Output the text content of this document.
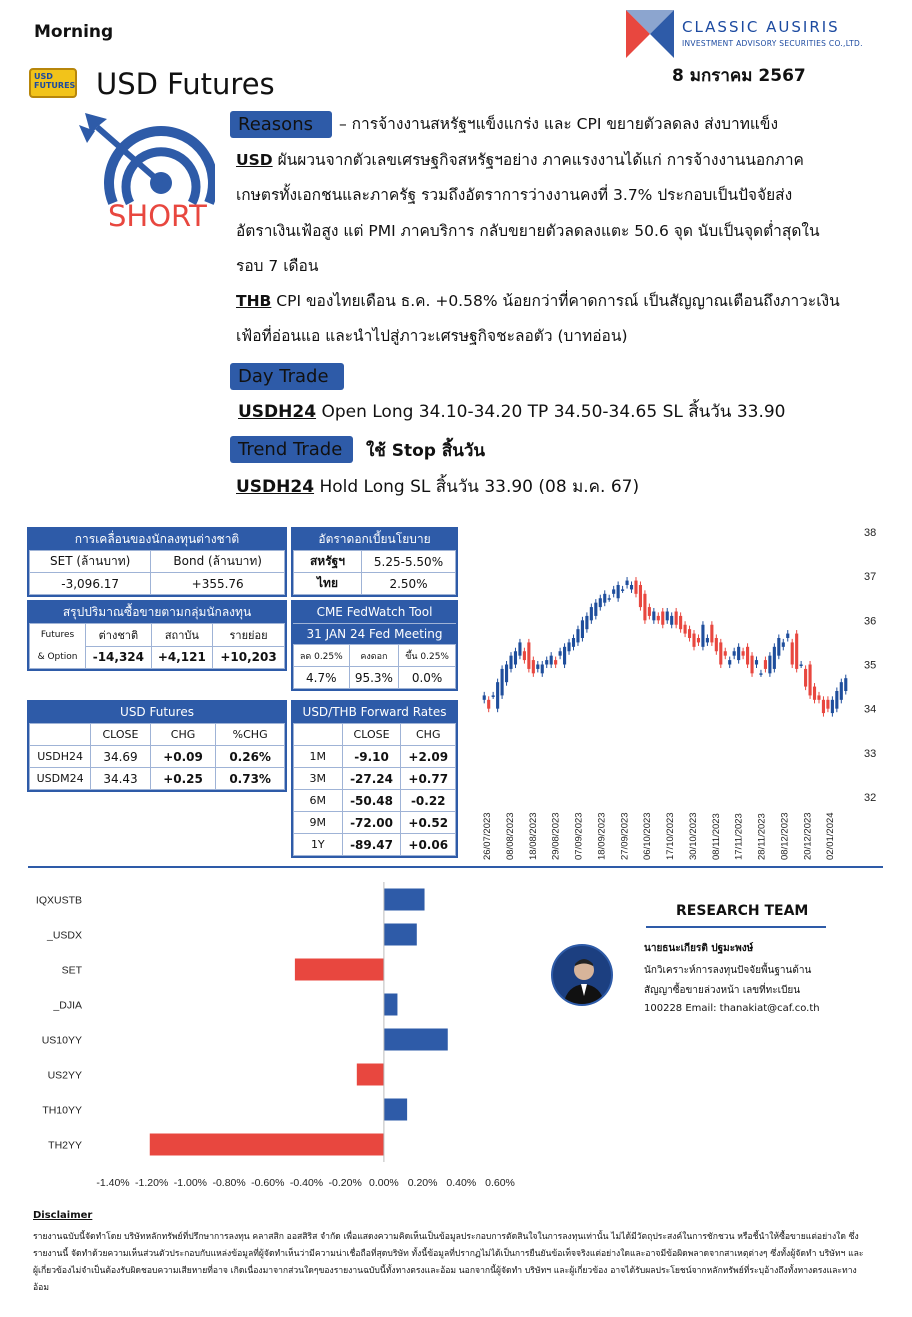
Morning	CLASSIC AUSIRIS
INVESTMENT ADVISORY SECURITIES CO.,LTD.
8 มกราคม 2567
USD FUTURES USD Futures
SHORT
Reasons	– การจ้างงานสหรัฐฯแข็งแกร่ง และ CPI ขยายตัวลดลง ส่งบาทแข็ง
USD ผันผวนจากตัวเลขเศรษฐกิจสหรัฐฯอย่าง ภาคแรงงานได้แก่ การจ้างงานนอกภาค
เกษตรทั้งเอกชนและภาครัฐ รวมถึงอัตราการว่างงานคงที่ 3.7% ประกอบเป็นปัจจัยส่ง
อัตราเงินเฟ้อสูง แต่ PMI ภาคบริการ กลับขยายตัวลดลงแตะ 50.6 จุด นับเป็นจุดต่ำสุดใน
รอบ 7 เดือน
THB CPI ของไทยเดือน ธ.ค. +0.58% น้อยกว่าที่คาดการณ์ เป็นสัญญาณเตือนถึงภาวะเงิน
เฟ้อที่อ่อนแอ และนำไปสู่ภาวะเศรษฐกิจชะลอตัว (บาทอ่อน)
Day Trade
USDH24 Open Long 34.10-34.20 TP 34.50-34.65 SL สิ้นวัน 33.90
Trend Trade	ใช้ Stop สิ้นวัน
USDH24 Hold Long SL สิ้นวัน 33.90 (08 ม.ค. 67)
การเคลื่อนของนักลงทุนต่างชาติ
SET (ล้านบาท)	Bond (ล้านบาท)
-3,096.17	+355.76
อัตราดอกเบี้ยนโยบาย
สหรัฐฯ	5.25-5.50%
ไทย	2.50%
สรุปปริมาณซื้อขายตามกลุ่มนักลงทุน
Futures
& Option	ต่างชาติ	สถาบัน	รายย่อย
	-14,324	+4,121	+10,203
CME FedWatch Tool
31 JAN 24 Fed Meeting
ลด 0.25%	คงดอก	ขึ้น 0.25%
4.7%	95.3%	0.0%
USD Futures
	CLOSE	CHG	%CHG
USDH24	34.69	+0.09	0.26%
USDM24	34.43	+0.25	0.73%
USD/THB Forward Rates
	CLOSE	CHG
1M	-9.10	+2.09
3M	-27.24	+0.77
6M	-50.48	-0.22
9M	-72.00	+0.52
1Y	-89.47	+0.06
38
37
36
35
34
33
32
26/07/2023 08/08/2023 18/08/2023 29/08/2023 07/09/2023 18/09/2023 27/09/2023 06/10/2023 17/10/2023 30/10/2023 08/11/2023 17/11/2023 28/11/2023 08/12/2023 20/12/2023 02/01/2024
IQXUSTB
_USDX
SET
_DJIA
US10YY
US2YY
TH10YY
TH2YY
-1.40% -1.20% -1.00% -0.80% -0.60% -0.40% -0.20% 0.00% 0.20% 0.40% 0.60%
RESEARCH TEAM
นายธนะเกียรติ ปฐมะพงษ์
นักวิเคราะห์การลงทุนปัจจัยพื้นฐานด้าน
สัญญาซื้อขายล่วงหน้า เลขที่ทะเบียน
100228 Email: thanakiat@caf.co.th
Disclaimer
รายงานฉบับนี้จัดทำโดย บริษัทหลักทรัพย์ที่ปรึกษาการลงทุน คลาสสิก ออสสิริส จำกัด เพื่อแสดงความคิดเห็นเป็นข้อมูลประกอบการตัดสินใจในการลงทุนเท่านั้น ไม่ได้มีวัตถุประสงค์ในการชักชวน หรือชี้นำให้ซื้อขายแต่อย่างใด ซึ่งรายงานนี้ จัดทำด้วยความเห็นส่วนตัวประกอบกับแหล่งข้อมูลที่ผู้จัดทำเห็นว่ามีความน่าเชื่อถือที่สุดบริษัท ทั้งนี้ข้อมูลที่ปรากฏไม่ได้เป็นการยืนยันข้อเท็จจริงแต่อย่างใดและอาจมีข้อผิดพลาดจากสาเหตุต่างๆ ซึ่งทั้งผู้จัดทำ บริษัทฯ และผู้เกี่ยวข้องไม่จำเป็นต้องรับผิดชอบความเสียหายที่อาจ เกิดเนื่องมาจากส่วนใดๆของรายงานฉบับนี้ทั้งทางตรงและอ้อม นอกจากนี้ผู้จัดทำ บริษัทฯ และผู้เกี่ยวข้อง อาจได้รับผลประโยชน์จากหลักทรัพย์ที่ระบุอ้างถึงทั้งทางตรงและทางอ้อม
